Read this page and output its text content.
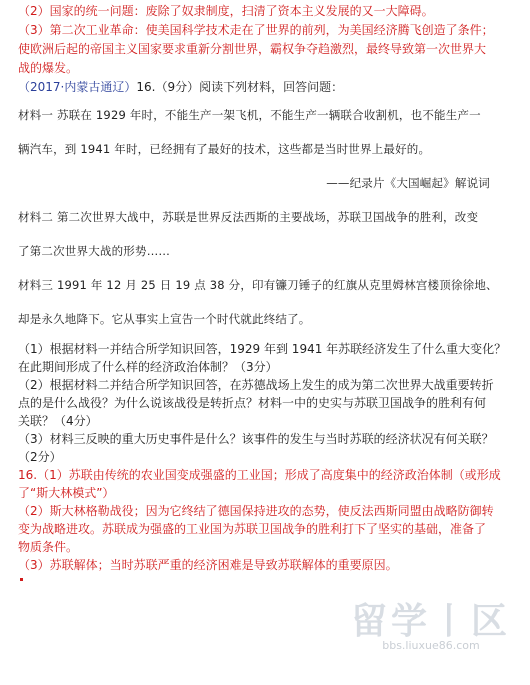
（2）国家的统一问题：废除了奴隶制度，扫清了资本主义发展的又一大障碍。
（3）第二次工业革命：使美国科学技术走在了世界的前列，为美国经济腾飞创造了条件；
使欧洲后起的帝国主义国家要求重新分割世界，霸权争夺趋激烈，最终导致第一次世界大
战的爆发。
（2017·内蒙古通辽）16.（9分）阅读下列材料，回答问题：
材料一 苏联在 1929 年时，不能生产一架飞机，不能生产一辆联合收割机，也不能生产一
辆汽车，到 1941 年时，已经拥有了最好的技术，这些都是当时世界上最好的。
——纪录片《大国崛起》解说词
材料二 第二次世界大战中，苏联是世界反法西斯的主要战场，苏联卫国战争的胜利，改变
了第二次世界大战的形势……
材料三 1991 年 12 月 25 日 19 点 38 分，印有镰刀锤子的红旗从克里姆林宫楼顶徐徐地、
却是永久地降下。它从事实上宣告一个时代就此终结了。
（1）根据材料一并结合所学知识回答，1929 年到 1941 年苏联经济发生了什么重大变化？
在此期间形成了什么样的经济政治体制？（3分）
（2）根据材料二并结合所学知识回答，在苏德战场上发生的成为第二次世界大战重要转折
点的是什么战役？为什么说该战役是转折点？材料一中的史实与苏联卫国战争的胜利有何
关联？（4分）
（3）材料三反映的重大历史事件是什么？该事件的发生与当时苏联的经济状况有何关联？
（2分）
16.（1）苏联由传统的农业国变成强盛的工业国；形成了高度集中的经济政治体制（或形成
了“斯大林模式”）
（2）斯大林格勒战役；因为它终结了德国保持进攻的态势，使反法西斯同盟由战略防御转
变为战略进攻。苏联成为强盛的工业国为苏联卫国战争的胜利打下了坚实的基础，准备了
物质条件。
（3）苏联解体；当时苏联严重的经济困难是导致苏联解体的重要原因。
留学丨区
bbs.liuxue86.com
